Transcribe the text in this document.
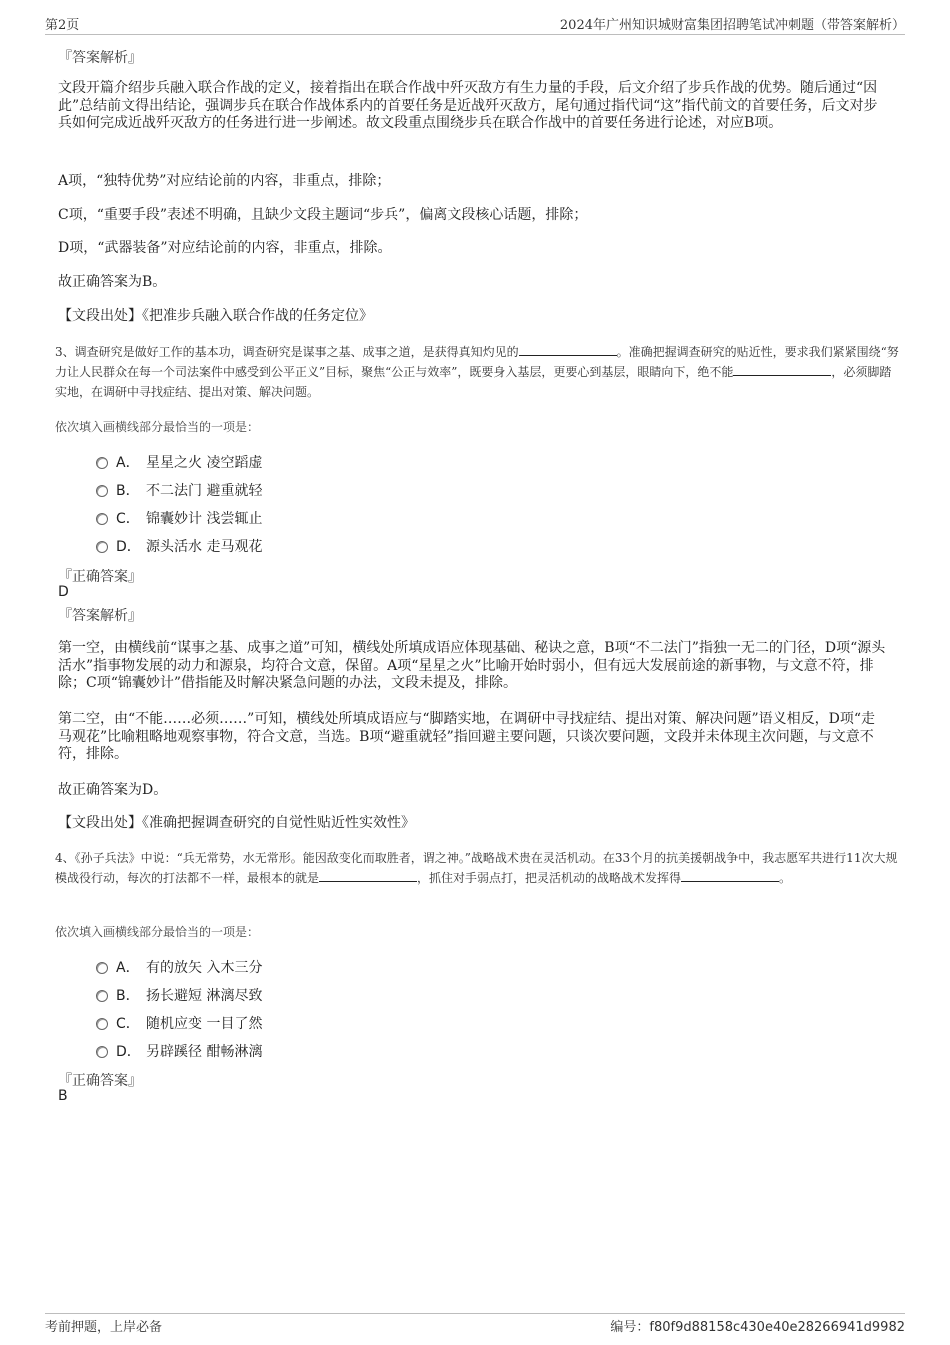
第2页	2024年广州知识城财富集团招聘笔试冲刺题（带答案解析）
『答案解析』
文段开篇介绍步兵融入联合作战的定义，接着指出在联合作战中歼灭敌方有生力量的手段，后文介绍了步兵作战的优势。随后通过“因此”总结前文得出结论，强调步兵在联合作战体系内的首要任务是近战歼灭敌方，尾句通过指代词“这”指代前文的首要任务，后文对步兵如何完成近战歼灭敌方的任务进行进一步阐述。故文段重点围绕步兵在联合作战中的首要任务进行论述，对应B项。
A项，“独特优势”对应结论前的内容，非重点，排除；
C项，“重要手段”表述不明确，且缺少文段主题词“步兵”，偏离文段核心话题，排除；
D项，“武器装备”对应结论前的内容，非重点，排除。
故正确答案为B。
【文段出处】《把准步兵融入联合作战的任务定位》
3、调查研究是做好工作的基本功，调查研究是谋事之基、成事之道，是获得真知灼见的	。准确把握调查研究的贴近性，要求我们紧紧围绕“努力让人民群众在每一个司法案件中感受到公平正义”目标，聚焦“公正与效率”，既要身入基层，更要心到基层，眼睛向下，绝不能	，必须脚踏实地，在调研中寻找症结、提出对策、解决问题。
依次填入画横线部分最恰当的一项是：
A． 星星之火 凌空蹈虚
B． 不二法门 避重就轻
C． 锦囊妙计 浅尝辄止
D． 源头活水 走马观花
『正确答案』
D
『答案解析』
第一空，由横线前“谋事之基、成事之道”可知，横线处所填成语应体现基础、秘诀之意，B项“不二法门”指独一无二的门径，D项“源头活水”指事物发展的动力和源泉，均符合文意，保留。A项“星星之火”比喻开始时弱小，但有远大发展前途的新事物，与文意不符，排除；C项“锦囊妙计”借指能及时解决紧急问题的办法，文段未提及，排除。
第二空，由“不能……必须……”可知，横线处所填成语应与“脚踏实地，在调研中寻找症结、提出对策、解决问题”语义相反，D项“走马观花”比喻粗略地观察事物，符合文意，当选。B项“避重就轻”指回避主要问题，只谈次要问题，文段并未体现主次问题，与文意不符，排除。
故正确答案为D。
【文段出处】《准确把握调查研究的自觉性贴近性实效性》
4、《孙子兵法》中说：“兵无常势，水无常形。能因敌变化而取胜者，谓之神。”战略战术贵在灵活机动。在33个月的抗美援朝战争中，我志愿军共进行11次大规模战役行动，每次的打法都不一样，最根本的就是	，抓住对手弱点打，把灵活机动的战略战术发挥得	。
依次填入画横线部分最恰当的一项是：
A． 有的放矢 入木三分
B． 扬长避短 淋漓尽致
C． 随机应变 一目了然
D． 另辟蹊径 酣畅淋漓
『正确答案』
B
考前押题，上岸必备	编号：f80f9d88158c430e40e28266941d9982
